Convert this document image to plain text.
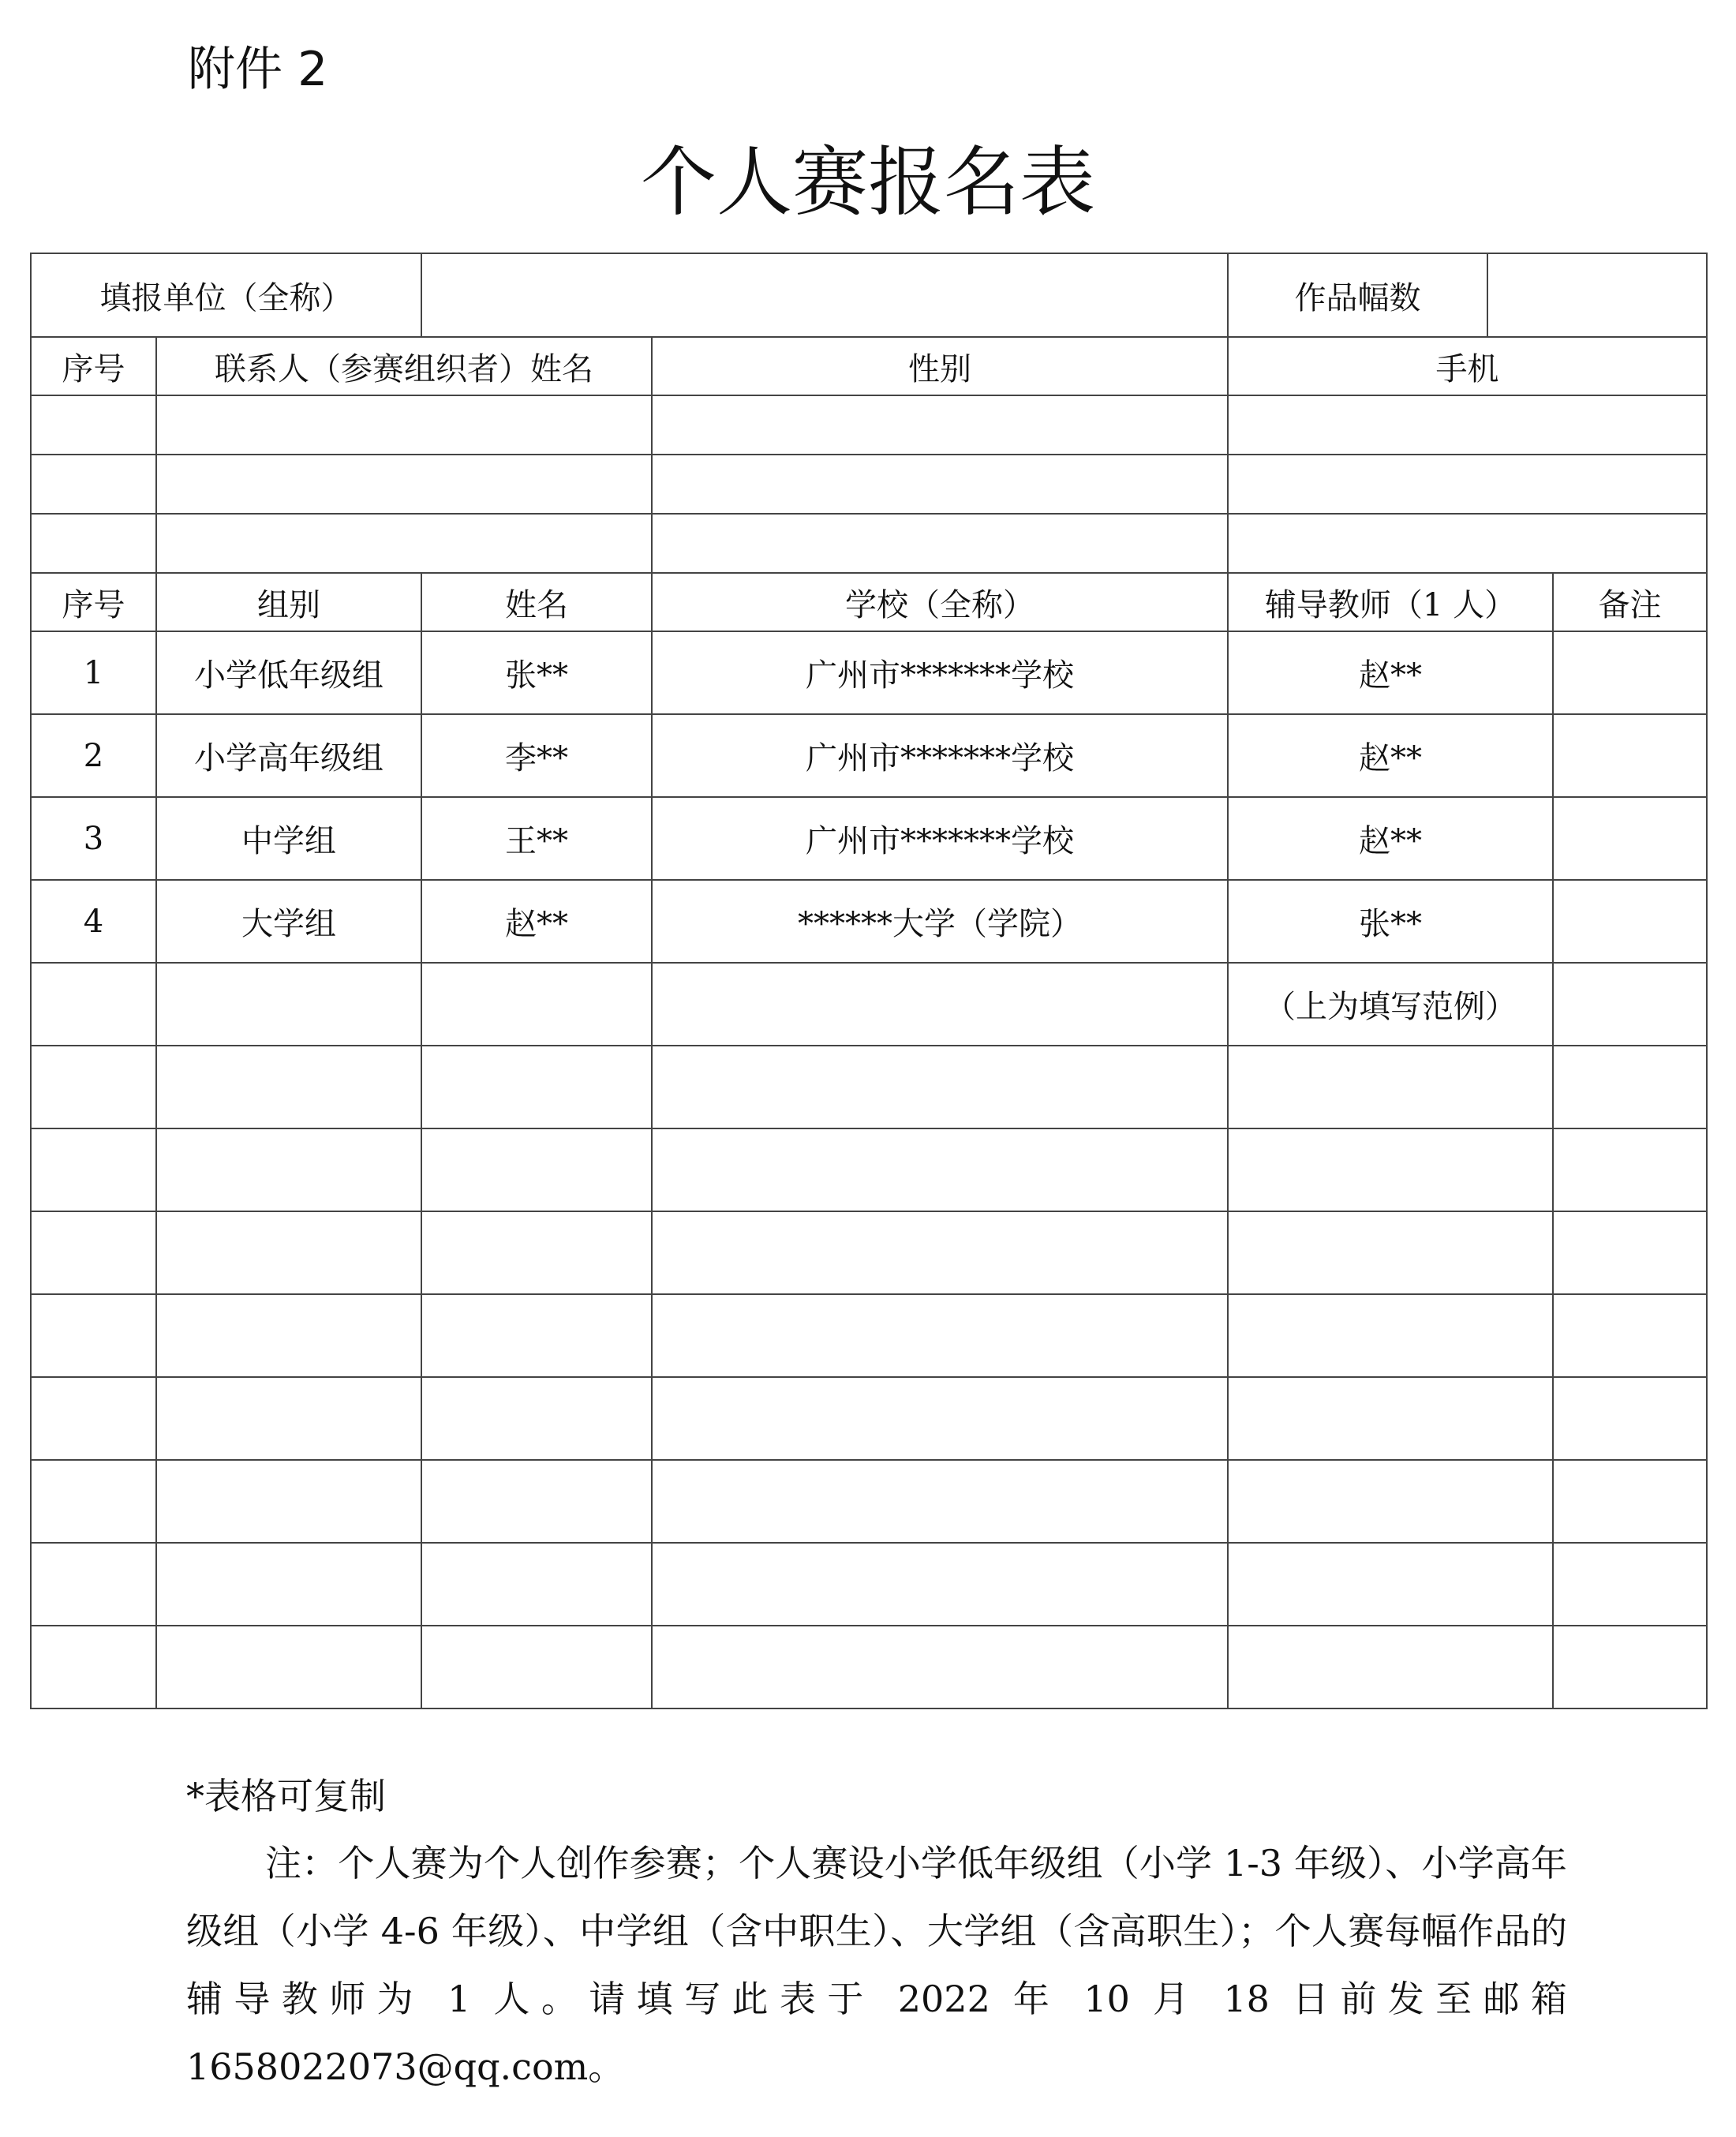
附件 2
个人赛报名表
填报单位（全称）				作品幅数		
序号	联系人（参赛组织者）姓名		性别	手机		

序号	组别	姓名	学校（全称）	辅导教师（1 人）		备注
1	小学低年级组	张**	广州市*******学校	赵**		
2	小学高年级组	李**	广州市*******学校	赵**		
3	中学组	王**	广州市*******学校	赵**		
4	大学组	赵**	******大学（学院）	张**		
				（上为填写范例）		

*表格可复制
注：个人赛为个人创作参赛；个人赛设小学低年级组（小学 1-3 年级）、小学高年级组（小学 4-6 年级）、中学组（含中职生）、大学组（含高职生）；个人赛每幅作品的辅导教师为 1 人。请填写此表于 2022 年 10 月 18 日前发至邮箱 1658022073@qq.com。
